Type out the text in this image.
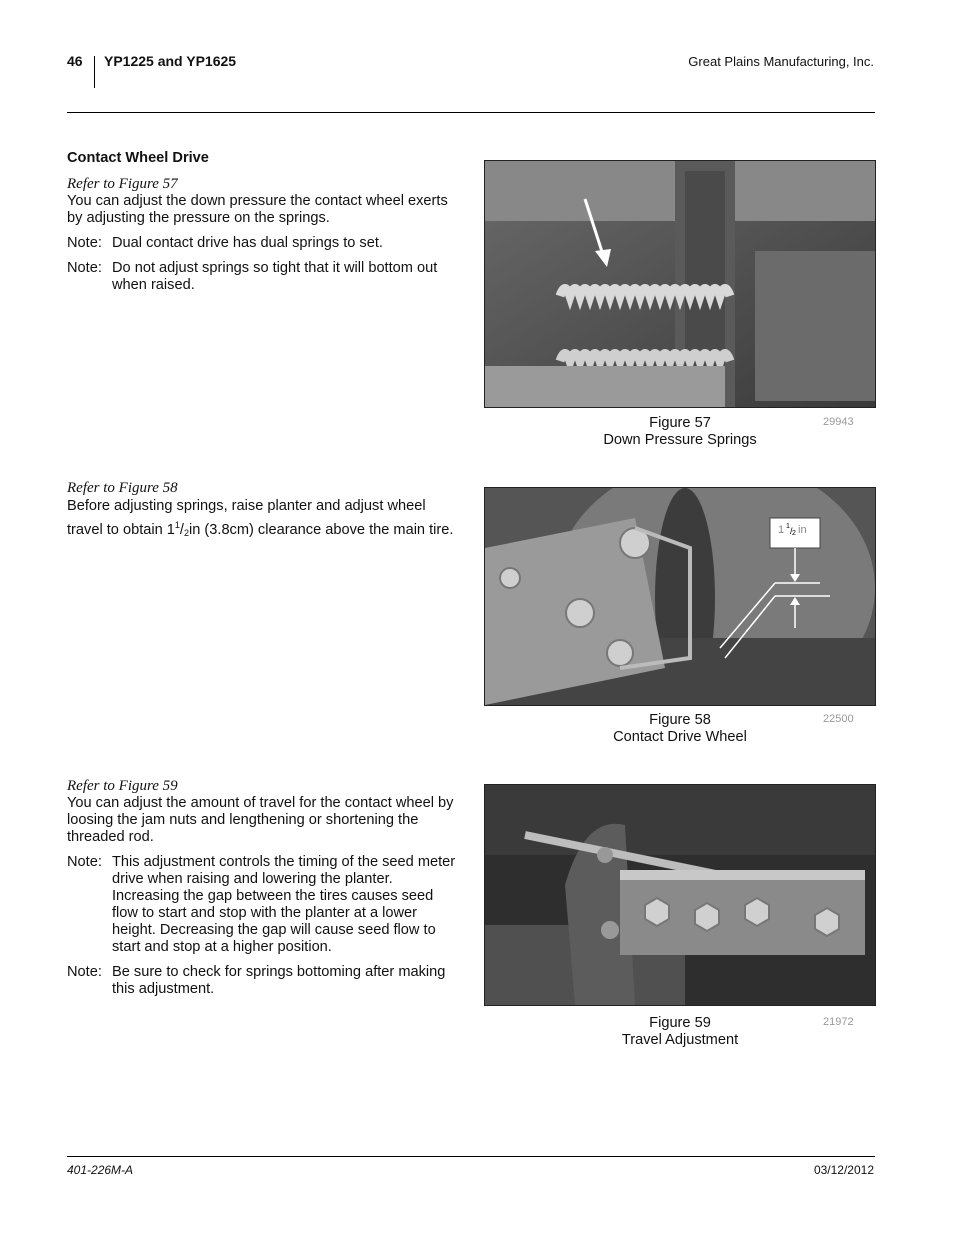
46 YP1225 and YP1625	Great Plains Manufacturing, Inc.
Contact Wheel Drive
Refer to Figure 57

You can adjust the down pressure the contact wheel exerts by adjusting the pressure on the springs.

Note: Dual contact drive has dual springs to set.
Note: Do not adjust springs so tight that it will bottom out when raised.
Figure 57
Down Pressure Springs
29943
Refer to Figure 58

Before adjusting springs, raise planter and adjust wheel travel to obtain $1^1/_2in$ (3.8cm) clearance above the main tire.	1 1 / 2 in
Figure 58
Contact Drive Wheel
22500
Refer to Figure 59

You can adjust the amount of travel for the contact wheel by loosing the jam nuts and lengthening or shortening the threaded rod.

Note: This adjustment controls the timing of the seed meter drive when raising and lowering the planter. Increasing the gap between the tires causes seed flow to start and stop with the planter at a lower height. Decreasing the gap will cause seed flow to start and stop at a higher position.
Note: Be sure to check for springs bottoming after making this adjustment.
Figure 59
Travel Adjustment
21972
401-226M-A	03/12/2012
